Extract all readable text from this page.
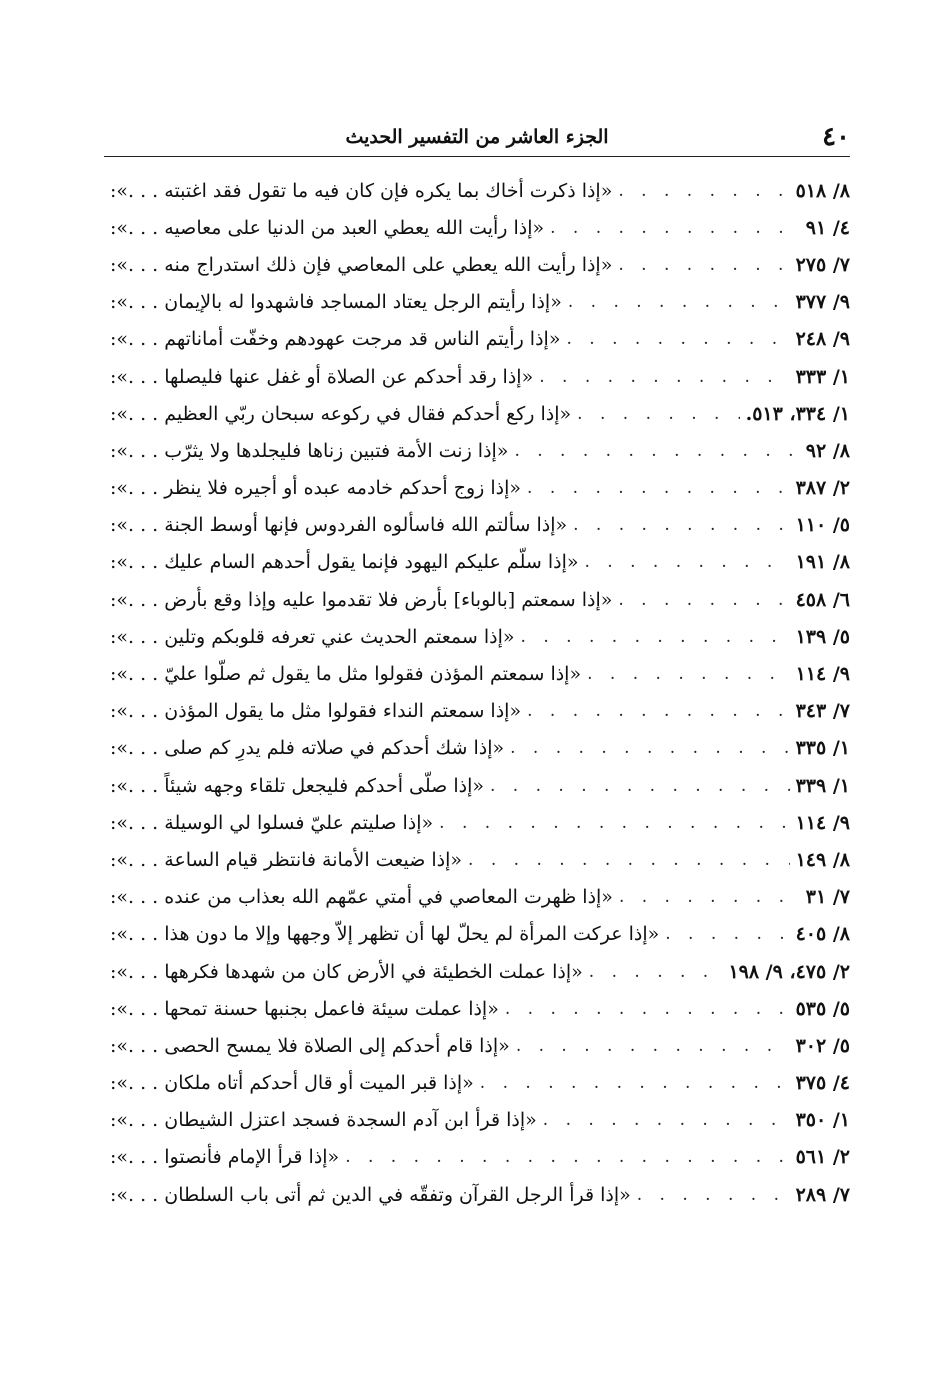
٤٠
الجزء العاشر من التفسير الحديث
«إذا ذكرت أخاك بما يكره فإن كان فيه ما تقول فقد اغتبته . . .»: . . .	٨/ ٥١٨
«إذا رأيت الله يعطي العبد من الدنيا على معاصيه . . .»: . . .	٤/ ٩١
«إذا رأيت الله يعطي على المعاصي فإن ذلك استدراج منه . . .»: . . .	٧/ ٢٧٥
«إذا رأيتم الرجل يعتاد المساجد فاشهدوا له بالإيمان . . .»: . . .	٩/ ٣٧٧
«إذا رأيتم الناس قد مرجت عهودهم وخفّت أماناتهم . . .»: . . .	٩/ ٢٤٨
«إذا رقد أحدكم عن الصلاة أو غفل عنها فليصلها . . .»: . . .	١/ ٣٣٣
«إذا ركع أحدكم فقال في ركوعه سبحان ربّي العظيم . . .»: . . .	١/ ٣٣٤، ٥١٣.
«إذا زنت الأمة فتبين زناها فليجلدها ولا يثرّب . . .»: . . .	٨/ ٩٢
«إذا زوج أحدكم خادمه عبده أو أجيره فلا ينظر . . .»: . . .	٢/ ٣٨٧
«إذا سألتم الله فاسألوه الفردوس فإنها أوسط الجنة . . .»: . . .	٥/ ١١٠
«إذا سلّم عليكم اليهود فإنما يقول أحدهم السام عليك . . .»: . . .	٨/ ١٩١
«إذا سمعتم [بالوباء] بأرض فلا تقدموا عليه وإذا وقع بأرض . . .»: . . .	٦/ ٤٥٨
«إذا سمعتم الحديث عني تعرفه قلوبكم وتلين . . .»: . . .	٥/ ١٣٩
«إذا سمعتم المؤذن فقولوا مثل ما يقول ثم صلّوا عليّ . . .»: . . .	٩/ ١١٤
«إذا سمعتم النداء فقولوا مثل ما يقول المؤذن . . .»: . . .	٧/ ٣٤٣
«إذا شك أحدكم في صلاته فلم يدرِ كم صلى . . .»: . . .	١/ ٣٣٥
«إذا صلّى أحدكم فليجعل تلقاء وجهه شيئاً . . .»: . . .	١/ ٣٣٩
«إذا صليتم عليّ فسلوا لي الوسيلة . . .»: . . .	٩/ ١١٤
«إذا ضيعت الأمانة فانتظر قيام الساعة . . .»: . . .	٨/ ١٤٩
«إذا ظهرت المعاصي في أمتي عمّهم الله بعذاب من عنده . . .»: . . .	٧/ ٣١
«إذا عركت المرأة لم يحلّ لها أن تظهر إلاّ وجهها وإلا ما دون هذا . . .»: . . .	٨/ ٤٠٥
«إذا عملت الخطيئة في الأرض كان من شهدها فكرهها . . .»: . . .	٢/ ٤٧٥، ٩/ ١٩٨
«إذا عملت سيئة فاعمل بجنبها حسنة تمحها . . .»: . . .	٥/ ٥٣٥
«إذا قام أحدكم إلى الصلاة فلا يمسح الحصى . . .»: . . .	٥/ ٣٠٢
«إذا قبر الميت أو قال أحدكم أتاه ملكان . . .»: . . .	٤/ ٣٧٥
«إذا قرأ ابن آدم السجدة فسجد اعتزل الشيطان . . .»: . . .	١/ ٣٥٠
«إذا قرأ الإمام فأنصتوا . . .»: . . .	٢/ ٥٦١
«إذا قرأ الرجل القرآن وتفقّه في الدين ثم أتى باب السلطان . . .»: . . .	٧/ ٢٨٩
